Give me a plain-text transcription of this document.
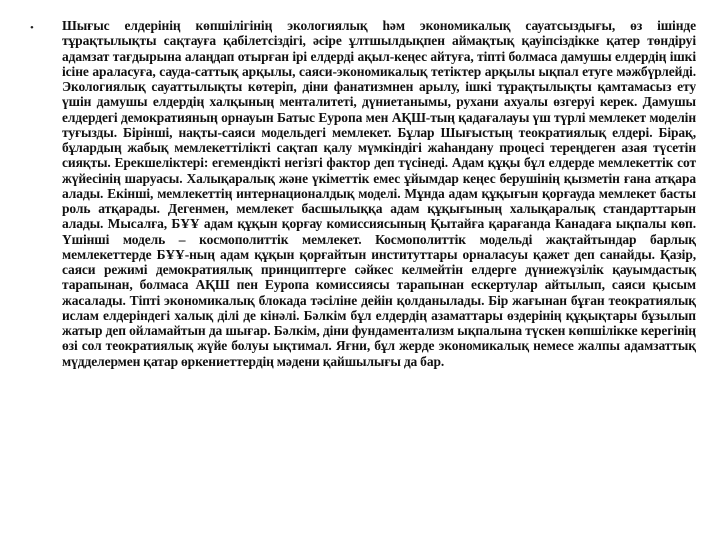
• Шығыс елдерінің көпшілігінің экологиялық һәм экономикалық сауатсыздығы, өз ішінде тұрақтылықты сақтауға қабілетсіздігі, әсіре ұлтшылдықпен аймақтық қауіпсіздікке қатер төндіруі адамзат тағдырына алаңдап отырған ірі елдерді ақыл-кеңес айтуға, тіпті болмаса дамушы елдердің ішкі ісіне араласуға, сауда-саттық арқылы, саяси-экономикалық тетіктер арқылы ықпал етуге мәжбүрлейді. Экологиялық сауаттылықты көтеріп, діни фанатизмнен арылу, ішкі тұрақтылықты қамтамасыз ету үшін дамушы елдердің халқының менталитеті, дүниетанымы, рухани ахуалы өзгеруі керек. Дамушы елдердегі демократияның орнауын Батыс Еуропа мен АҚШ-тың қадағалауы үш түрлі мемлекет моделін туғызды. Біріншi, нақты-саяси модельдегі мемлекет. Бұлар Шығыстың теократиялық елдері. Бірақ, бұлардың жабық мемлекеттілікті сақтап қалу мүмкіндігі жаһандану процесі тереңдеген азая түсетін сияқты. Ерекшеліктері: егемендікті негізгі фактор деп түсінеді. Адам құқы бұл елдерде мемлекеттік сот жүйесінің шаруасы. Халықаралық және үкіметтік емес ұйымдар кеңес берушінің қызметін ғана атқара алады. Екінші, мемлекеттің интернационалдық моделі. Мұнда адам құқығын қорғауда мемлекет басты роль атқарады. Дегенмен, мемлекет басшылыққа адам құқығының халықаралық стандарттарын алады. Мысалға, БҰҰ адам құқын қорғау комиссиясының Қытайға қарағанда Канадаға ықпалы көп. Үшінші модель – космополиттік мемлекет. Космополиттік модельді жақтайтындар барлық мемлекеттерде БҰҰ-ның адам құқын қорғайтын институттары орналасуы қажет деп санайды. Қазір, саяси режимі демократиялық принциптерге сәйкес келмейтін елдерге дүниежүзілік қауымдастық тарапынан, болмаса АҚШ пен Еуропа комиссиясы тарапынан ескертулар айтылып, саяси қысым жасалады. Тіпті экономикалық блокада тәсіліне дейін қолданылады. Бір жағынан бұған теократиялық ислам елдеріндегі халық ділі де кінәлі. Бәлкім бұл елдердің азаматтары өздерінің құқықтары бұзылып жатыр деп ойламайтын да шығар. Бәлкім, діни фундаментализм ықпалына түскен көпшілікке керегінің өзі сол теократиялық жүйе болуы ықтимал. Яғни, бұл жерде экономикалық немесе жалпы адамзаттық мүдделермен қатар өркениеттердің мәдени қайшылығы да бар.
